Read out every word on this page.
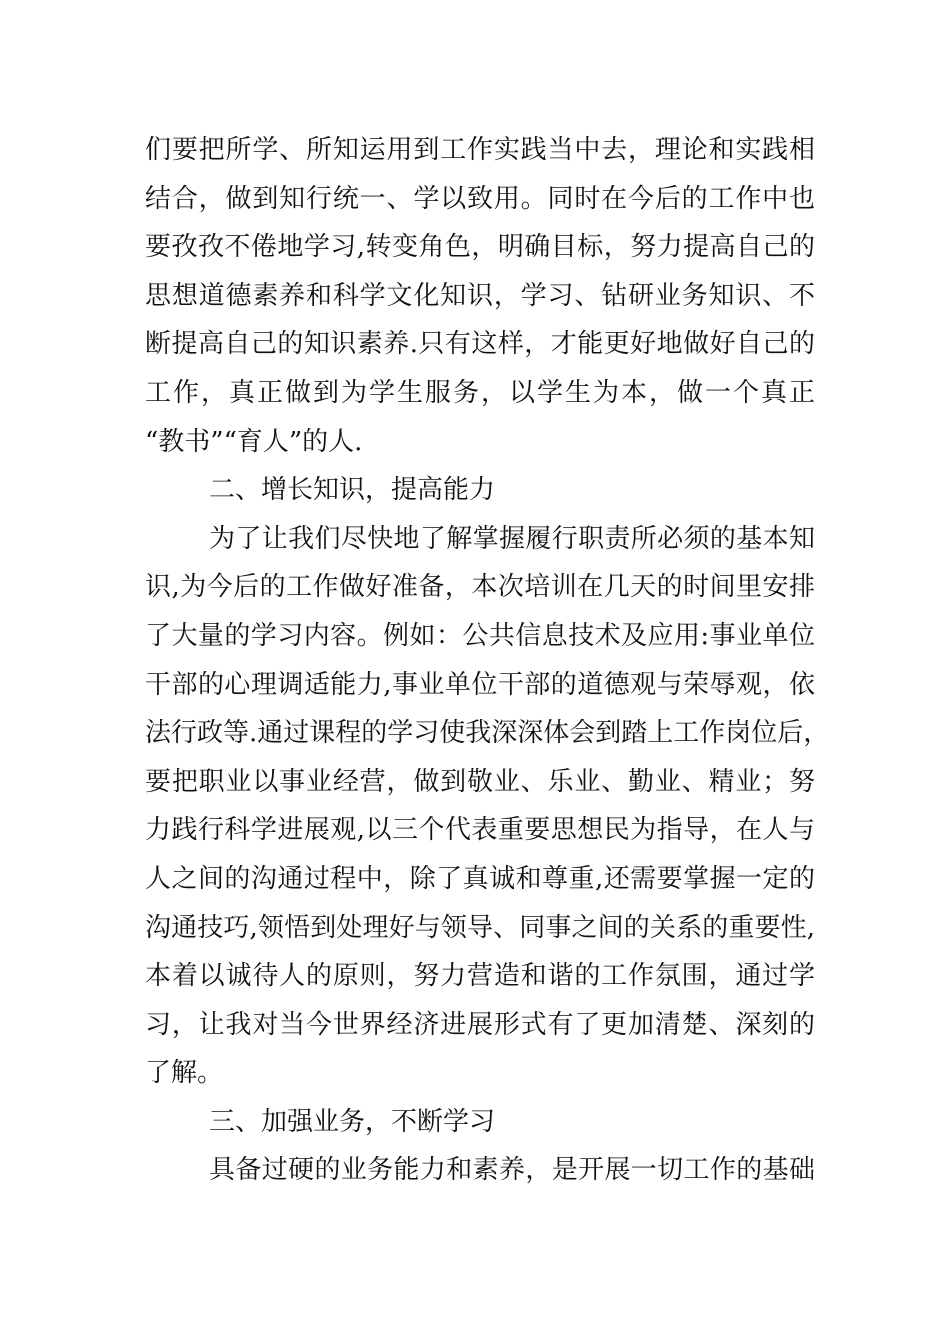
们要把所学、所知运用到工作实践当中去，理论和实践相
结合，做到知行统一、学以致用。同时在今后的工作中也
要孜孜不倦地学习,转变角色，明确目标，努力提高自己的
思想道德素养和科学文化知识，学习、钻研业务知识、不
断提高自己的知识素养.只有这样，才能更好地做好自己的
工作，真正做到为学生服务，以学生为本，做一个真正
“教书”“育人”的人.
二、增长知识，提高能力
为了让我们尽快地了解掌握履行职责所必须的基本知
识,为今后的工作做好准备，本次培训在几天的时间里安排
了大量的学习内容。例如：公共信息技术及应用:事业单位
干部的心理调适能力,事业单位干部的道德观与荣辱观，依
法行政等.通过课程的学习使我深深体会到踏上工作岗位后，
要把职业以事业经营，做到敬业、乐业、勤业、精业；努
力践行科学进展观,以三个代表重要思想民为指导，在人与
人之间的沟通过程中，除了真诚和尊重,还需要掌握一定的
沟通技巧,领悟到处理好与领导、同事之间的关系的重要性,
本着以诚待人的原则，努力营造和谐的工作氛围，通过学
习，让我对当今世界经济进展形式有了更加清楚、深刻的
了解。
三、加强业务，不断学习
具备过硬的业务能力和素养，是开展一切工作的基础
